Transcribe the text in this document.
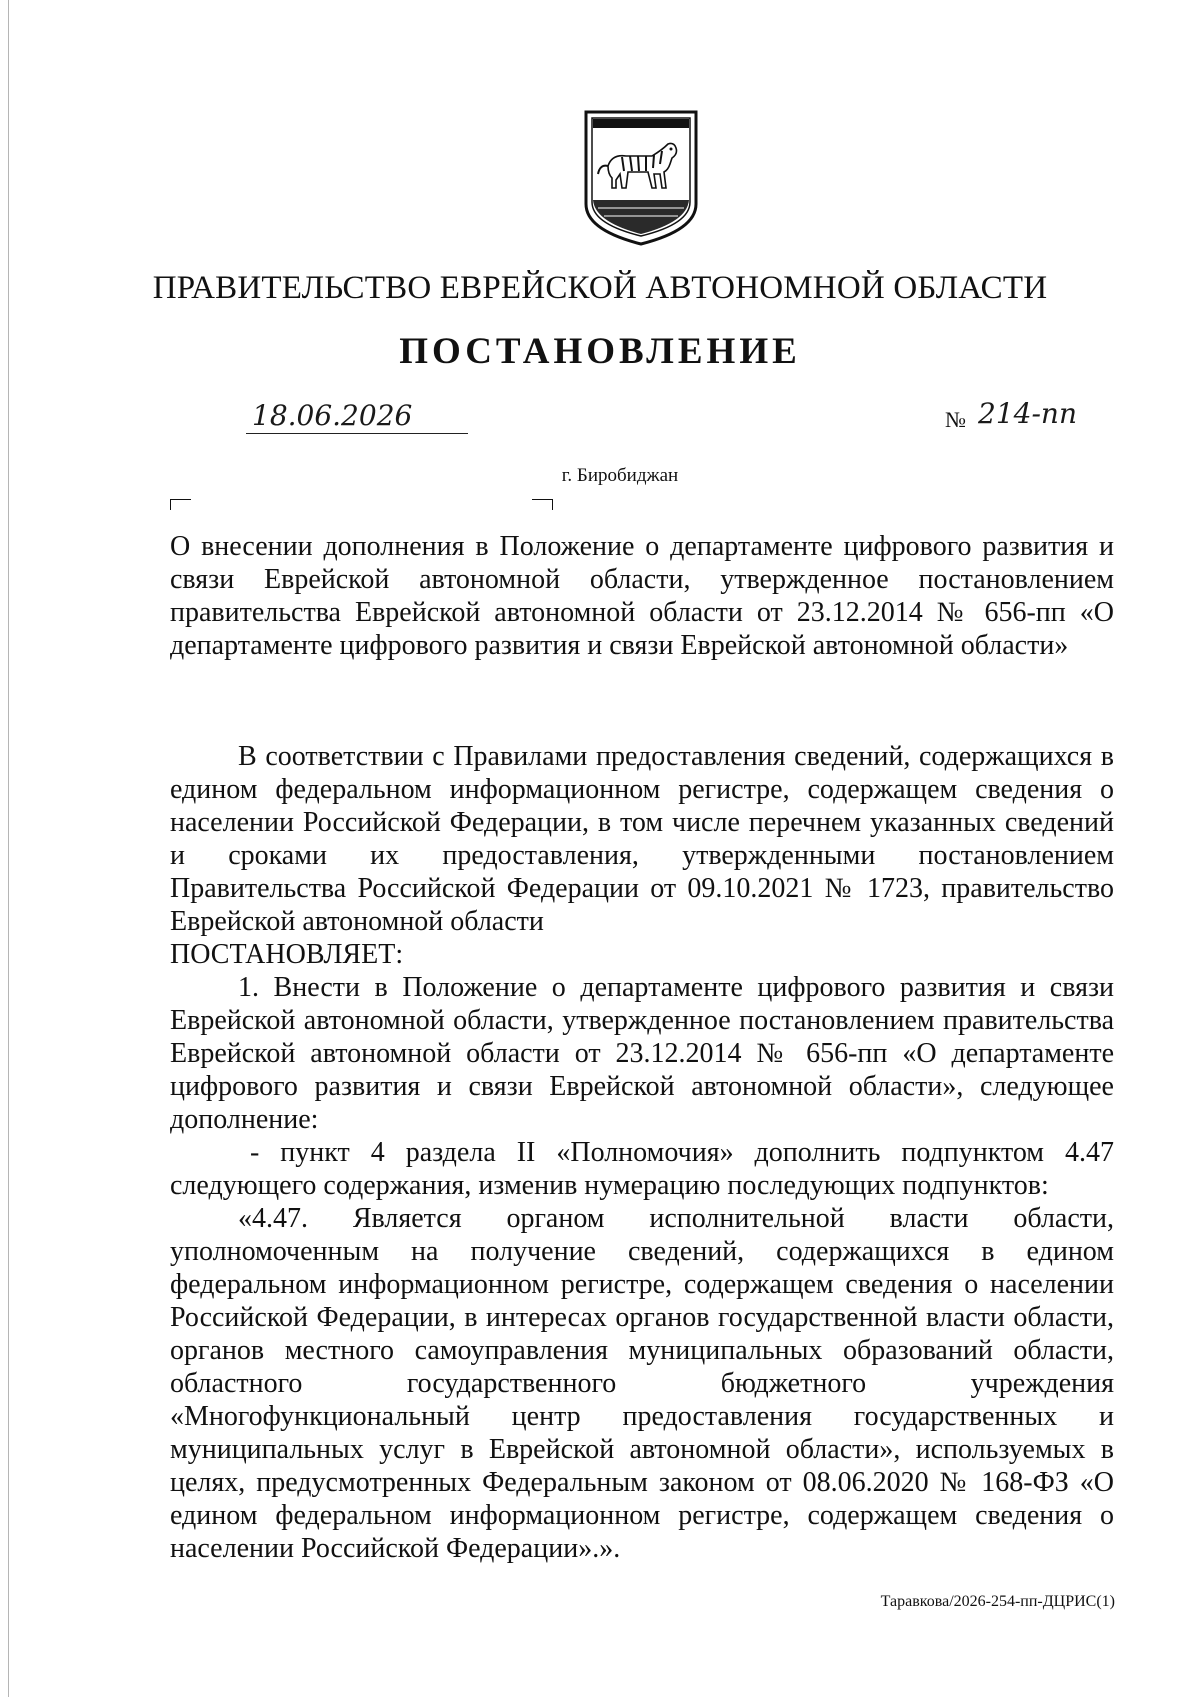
ПРАВИТЕЛЬСТВО ЕВРЕЙСКОЙ АВТОНОМНОЙ ОБЛАСТИ
ПОСТАНОВЛЕНИЕ
18.06.2026	№ 214-пп
г. Биробиджан
О внесении дополнения в Положение о департаменте цифрового развития и связи Еврейской автономной области, утвержденное постановлением правительства Еврейской автономной области от 23.12.2014 № 656-пп «О департаменте цифрового развития и связи Еврейской автономной области»

В соответствии с Правилами предоставления сведений, содержащихся в едином федеральном информационном регистре, содержащем сведения о населении Российской Федерации, в том числе перечнем указанных сведений и сроками их предоставления, утвержденными постановлением Правительства Российской Федерации от 09.10.2021 № 1723, правительство Еврейской автономной области

ПОСТАНОВЛЯЕТ:

1. Внести в Положение о департаменте цифрового развития и связи Еврейской автономной области, утвержденное постановлением правительства Еврейской автономной области от 23.12.2014 № 656-пп «О департаменте цифрового развития и связи Еврейской автономной области», следующее дополнение:

- пункт 4 раздела II «Полномочия» дополнить подпунктом 4.47 следующего содержания, изменив нумерацию последующих подпунктов:

«4.47. Является органом исполнительной власти области, уполномоченным на получение сведений, содержащихся в едином федеральном информационном регистре, содержащем сведения о населении Российской Федерации, в интересах органов государственной власти области, органов местного самоуправления муниципальных образований области, областного государственного бюджетного учреждения «Многофункциональный центр предоставления государственных и муниципальных услуг в Еврейской автономной области», используемых в целях, предусмотренных Федеральным законом от 08.06.2020 № 168-ФЗ «О едином федеральном информационном регистре, содержащем сведения о населении Российской Федерации».».

Таравкова/2026-254-пп-ДЦРИС(1)
